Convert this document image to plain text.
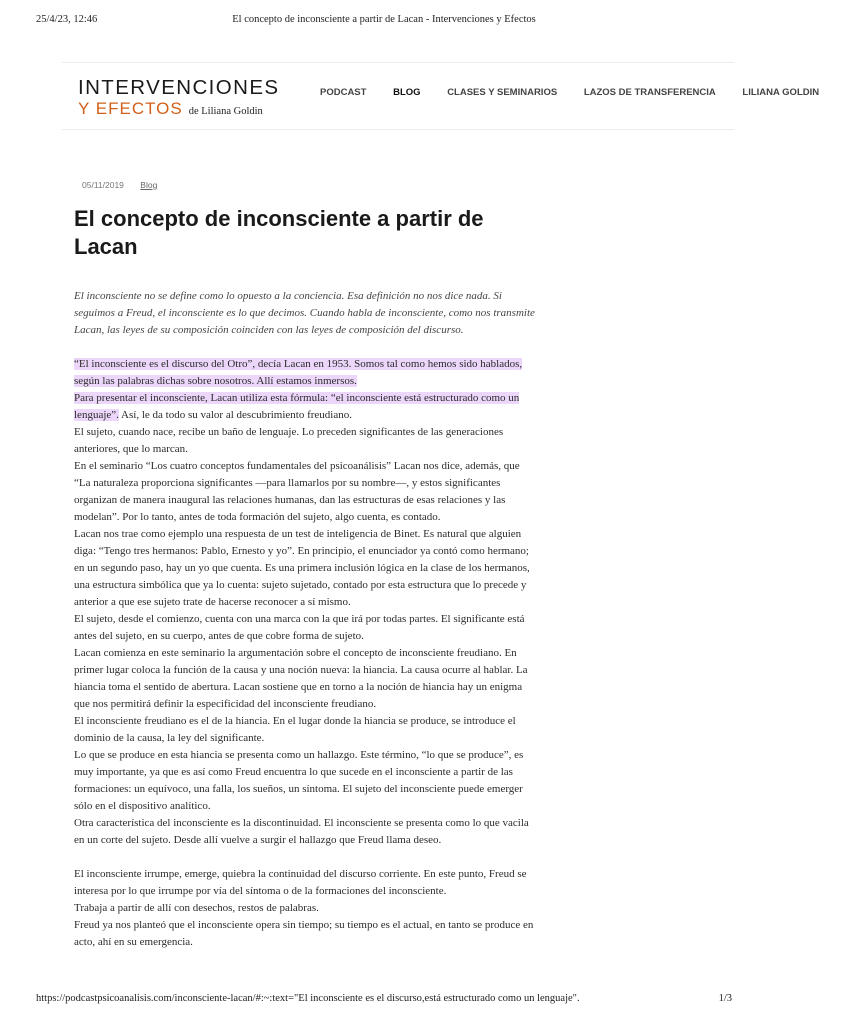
25/4/23, 12:46	El concepto de inconsciente a partir de Lacan - Intervenciones y Efectos
INTERVENCIONES
Y EFECTOS de Liliana Goldin
PODCAST	BLOG	CLASES Y SEMINARIOS	LAZOS DE TRANSFERENCIA	LILIANA GOLDIN
05/11/2019 Blog
El concepto de inconsciente a partir de Lacan

El inconsciente no se define como lo opuesto a la conciencia. Esa definición no nos dice nada. Si seguimos a Freud, el inconsciente es lo que decimos. Cuando habla de inconsciente, como nos transmite Lacan, las leyes de su composición coinciden con las leyes de composición del discurso.

“El inconsciente es el discurso del Otro”, decía Lacan en 1953. Somos tal como hemos sido hablados, según las palabras dichas sobre nosotros. Allí estamos inmersos.
Para presentar el inconsciente, Lacan utiliza esta fórmula: “el inconsciente está estructurado como un lenguaje”. Así, le da todo su valor al descubrimiento freudiano.
El sujeto, cuando nace, recibe un baño de lenguaje. Lo preceden significantes de las generaciones anteriores, que lo marcan.
En el seminario “Los cuatro conceptos fundamentales del psicoanálisis” Lacan nos dice, además, que “La naturaleza proporciona significantes —para llamarlos por su nombre—, y estos significantes organizan de manera inaugural las relaciones humanas, dan las estructuras de esas relaciones y las modelan”. Por lo tanto, antes de toda formación del sujeto, algo cuenta, es contado.
Lacan nos trae como ejemplo una respuesta de un test de inteligencia de Binet. Es natural que alguien diga: “Tengo tres hermanos: Pablo, Ernesto y yo”. En principio, el enunciador ya contó como hermano; en un segundo paso, hay un yo que cuenta. Es una primera inclusión lógica en la clase de los hermanos, una estructura simbólica que ya lo cuenta: sujeto sujetado, contado por esta estructura que lo precede y anterior a que ese sujeto trate de hacerse reconocer a sí mismo.
El sujeto, desde el comienzo, cuenta con una marca con la que irá por todas partes. El significante está antes del sujeto, en su cuerpo, antes de que cobre forma de sujeto.
Lacan comienza en este seminario la argumentación sobre el concepto de inconsciente freudiano. En primer lugar coloca la función de la causa y una noción nueva: la hiancia. La causa ocurre al hablar. La hiancia toma el sentido de abertura. Lacan sostiene que en torno a la noción de hiancia hay un enigma que nos permitirá definir la especificidad del inconsciente freudiano.
El inconsciente freudiano es el de la hiancia. En el lugar donde la hiancia se produce, se introduce el dominio de la causa, la ley del significante.
Lo que se produce en esta hiancia se presenta como un hallazgo. Este término, “lo que se produce”, es muy importante, ya que es así como Freud encuentra lo que sucede en el inconsciente a partir de las formaciones: un equívoco, una falla, los sueños, un síntoma. El sujeto del inconsciente puede emerger sólo en el dispositivo analítico.
Otra característica del inconsciente es la discontinuidad. El inconsciente se presenta como lo que vacila en un corte del sujeto. Desde allí vuelve a surgir el hallazgo que Freud llama deseo.

El inconsciente irrumpe, emerge, quiebra la continuidad del discurso corriente. En este punto, Freud se interesa por lo que irrumpe por vía del síntoma o de la formaciones del inconsciente.
Trabaja a partir de allí con desechos, restos de palabras.
Freud ya nos planteó que el inconsciente opera sin tiempo; su tiempo es el actual, en tanto se produce en acto, ahí en su emergencia.

https://podcastpsicoanalisis.com/inconsciente-lacan/#:~:text="El inconsciente es el discurso,está estructurado como un lenguaje".	1/3
